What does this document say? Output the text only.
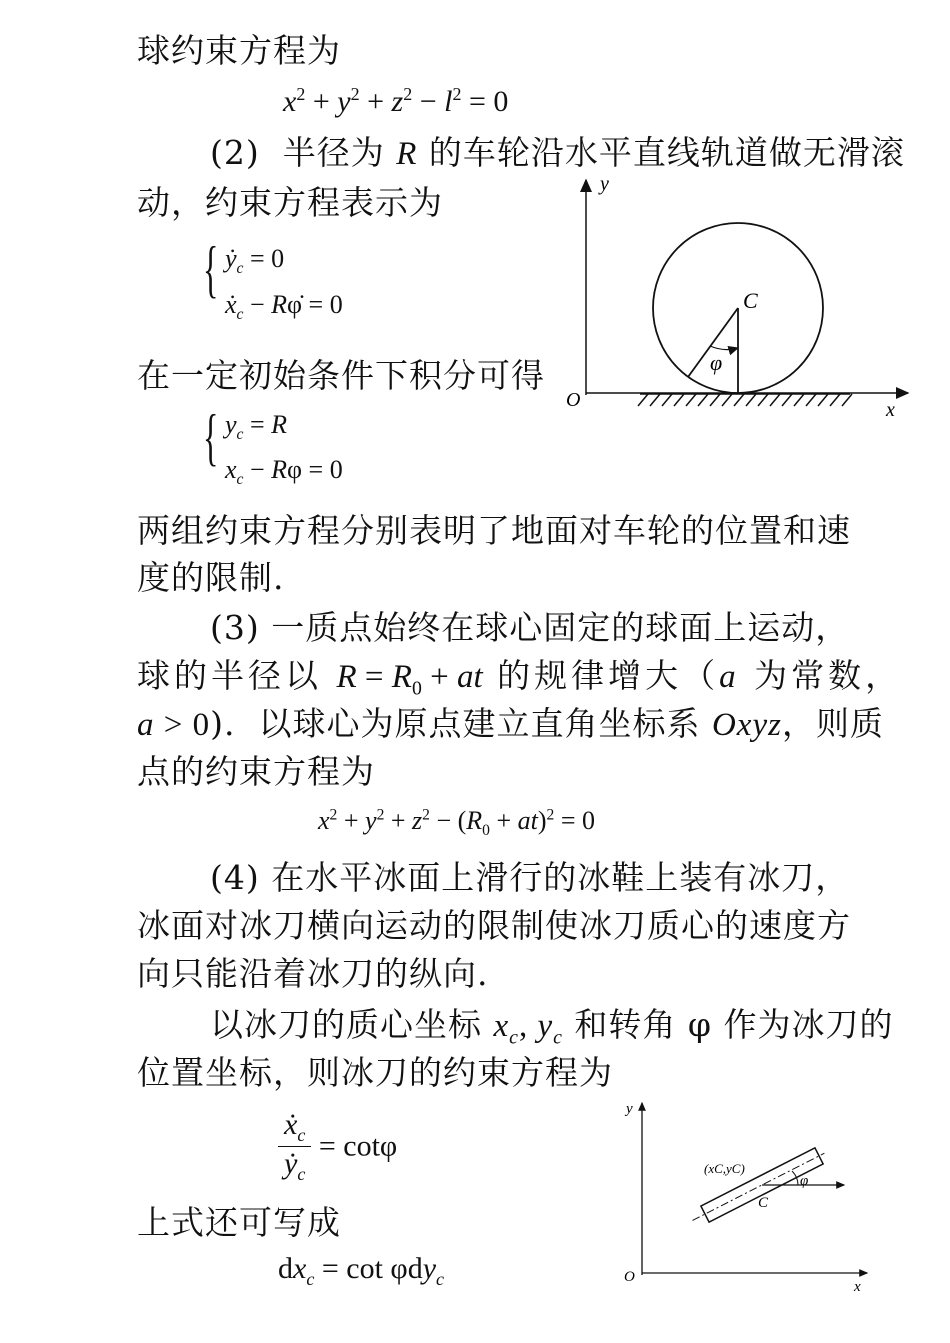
球约束方程为
$x^2 + y^2 + z^2 - l^2 = 0$
(2)  半径为 R 的车轮沿水平直线轨道做无滑滚
动，约束方程表示为
{ ẏ$_c$ = 0
ẋ$_c$ − Rφ̇ = 0
在一定初始条件下积分可得
{ $y_c = R$
$x_c - R\varphi = 0$
两组约束方程分别表明了地面对车轮的位置和速
度的限制.
(3) 一质点始终在球心固定的球面上运动，
球的半径以 $R = R_0$ + at 的规律增大（a 为常数，
a > 0).  以球心为原点建立直角坐标系 Oxyz，则质
点的约束方程为
$x^2 + y^2 + z^2 - (R_0 + at)^2 = 0$
(4) 在水平冰面上滑行的冰鞋上装有冰刀，
冰面对冰刀横向运动的限制使冰刀质心的速度方
向只能沿着冰刀的纵向.
以冰刀的质心坐标 $x_c$, $y_c$ 和转角 φ 作为冰刀的
位置坐标，则冰刀的约束方程为
$\frac{ẋ_c}{ẏ_c} = \cot\varphi$
上式还可写成
$dx_c = \cot \varphi dy_c$
y
x
O
C
φ
y
x
O
C
(xC,yC)
φ
